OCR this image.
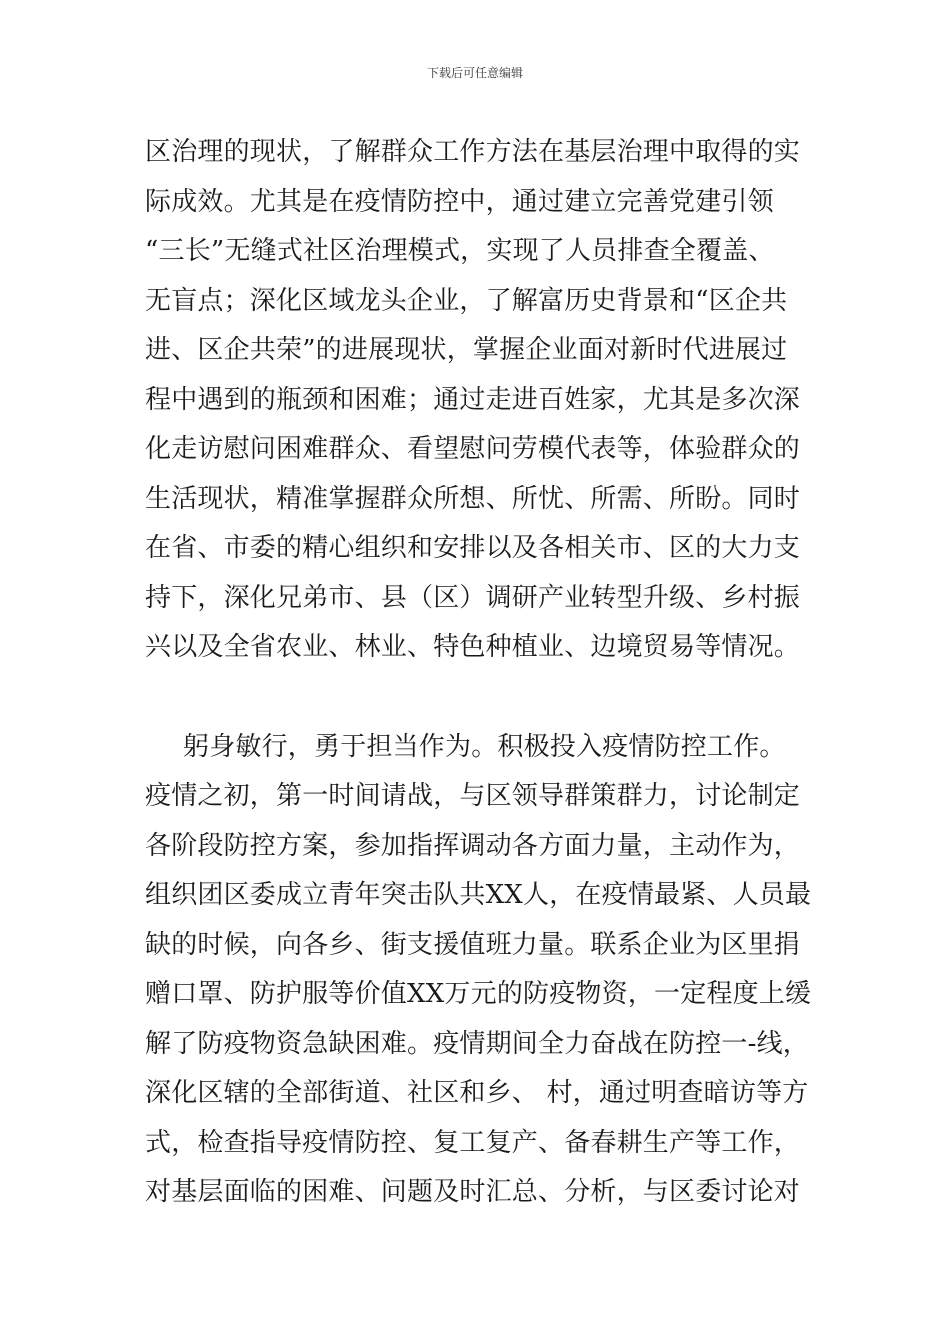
下载后可任意编辑
区治理的现状，了解群众工作方法在基层治理中取得的实
际成效。尤其是在疫情防控中，通过建立完善党建引领
“三长”无缝式社区治理模式，实现了人员排查全覆盖、
无盲点；深化区域龙头企业，了解富历史背景和“区企共
进、区企共荣”的进展现状，掌握企业面对新时代进展过
程中遇到的瓶颈和困难；通过走进百姓家，尤其是多次深
化走访慰问困难群众、看望慰问劳模代表等，体验群众的
生活现状，精准掌握群众所想、所忧、所需、所盼。同时
在省、市委的精心组织和安排以及各相关市、区的大力支
持下，深化兄弟市、县（区）调研产业转型升级、乡村振
兴以及全省农业、林业、特色种植业、边境贸易等情况。
躬身敏行，勇于担当作为。积极投入疫情防控工作。
疫情之初，第一时间请战，与区领导群策群力，讨论制定
各阶段防控方案，参加指挥调动各方面力量，主动作为，
组织团区委成立青年突击队共XX人，在疫情最紧、人员最
缺的时候，向各乡、街支援值班力量。联系企业为区里捐
赠口罩、防护服等价值XX万元的防疫物资，一定程度上缓
解了防疫物资急缺困难。疫情期间全力奋战在防控一-线，
深化区辖的全部街道、社区和乡、 村，通过明查暗访等方
式，检查指导疫情防控、复工复产、备春耕生产等工作，
对基层面临的困难、问题及时汇总、分析，与区委讨论对
